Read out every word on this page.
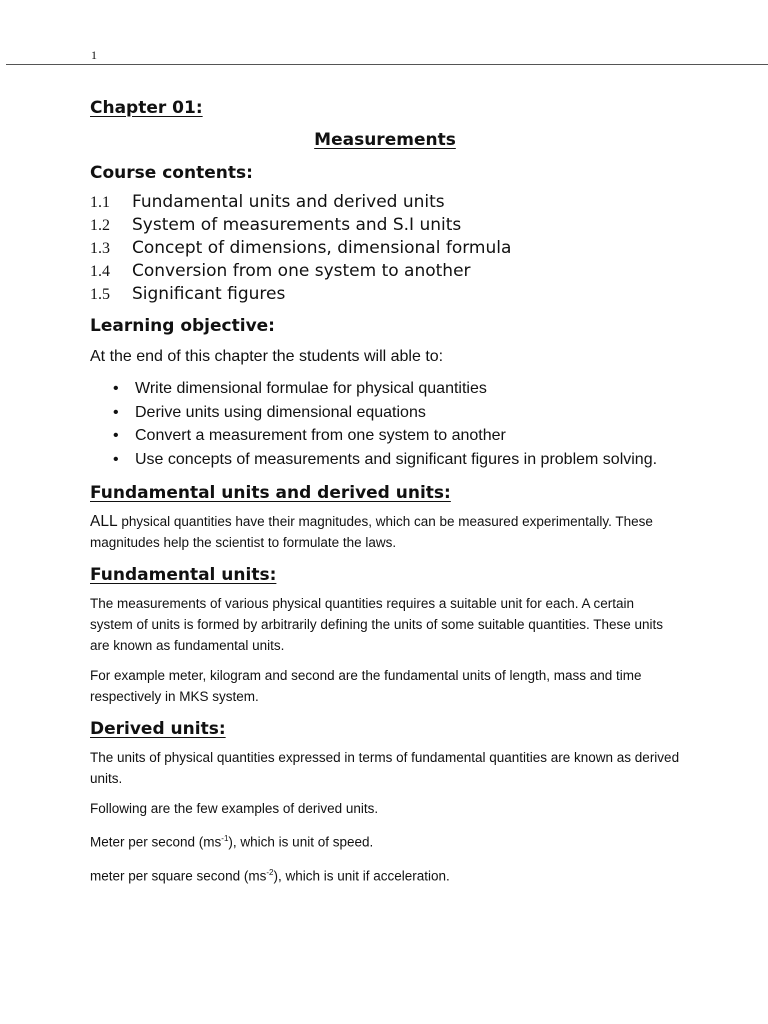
1
Chapter 01:
Measurements
Course contents:
1.1	Fundamental units and derived units
1.2	System of measurements and S.I units
1.3	Concept of dimensions, dimensional formula
1.4	Conversion from one system to another
1.5	Significant figures
Learning objective:

At the end of this chapter the students will able to:

•	Write dimensional formulae for physical quantities
•	Derive units using dimensional equations
•	Convert a measurement from one system to another
•	Use concepts of measurements and significant figures in problem solving.
Fundamental units and derived units:

ALL physical quantities have their magnitudes, which can be measured experimentally. These magnitudes help the scientist to formulate the laws.

Fundamental units:

The measurements of various physical quantities requires a suitable unit for each. A certain system of units is formed by arbitrarily defining the units of some suitable quantities. These units are known as fundamental units.

For example meter, kilogram and second are the fundamental units of length, mass and time respectively in MKS system.

Derived units:

The units of physical quantities expressed in terms of fundamental quantities are known as derived units.

Following are the few examples of derived units.

Meter per second $(ms^{-1})$, which is unit of speed.

meter per square second $(ms^{-2})$, which is unit if acceleration.
